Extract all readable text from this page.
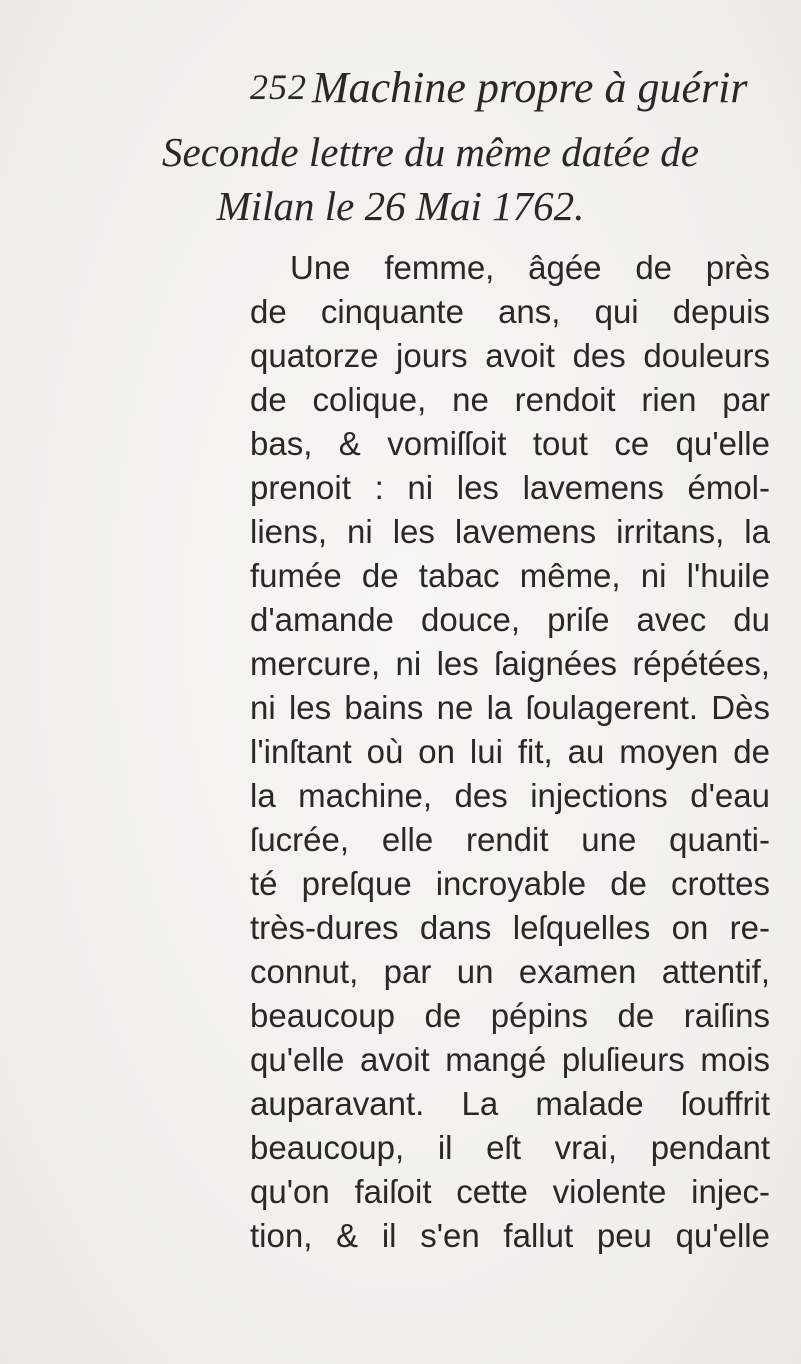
252 Machine propre à guérir
Seconde lettre du même datée de
Milan le 26 Mai 1762.
Une femme, âgée de près
de cinquante ans, qui depuis
quatorze jours avoit des douleurs
de colique, ne rendoit rien par
bas, & vomiſſoit tout ce qu'elle
prenoit : ni les lavemens émol-
liens, ni les lavemens irritans, la
fumée de tabac même, ni l'huile
d'amande douce, priſe avec du
mercure, ni les ſaignées répétées,
ni les bains ne la ſoulagerent. Dès
l'inſtant où on lui fit, au moyen de
la machine, des injections d'eau
ſucrée, elle rendit une quanti-
té preſque incroyable de crottes
très-dures dans leſquelles on re-
connut, par un examen attentif,
beaucoup de pépins de raiſins
qu'elle avoit mangé pluſieurs mois
auparavant. La malade ſouffrit
beaucoup, il eſt vrai, pendant
qu'on faiſoit cette violente injec-
tion, & il s'en fallut peu qu'elle
